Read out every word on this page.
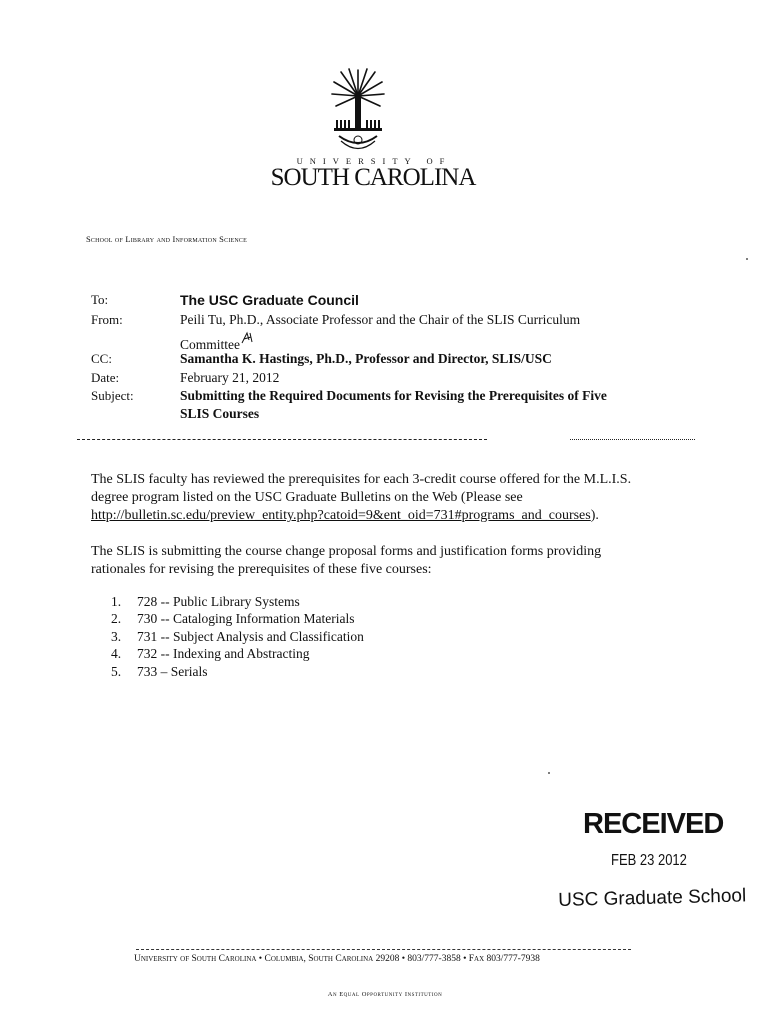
UNIVERSITY OF
SOUTH CAROLINA
School of Library and Information Science
To:	The USC Graduate Council
From:	Peili Tu, Ph.D., Associate Professor and the Chair of the SLIS Curriculum
Committee
CC:	Samantha K. Hastings, Ph.D., Professor and Director, SLIS/USC
Date:	February 21, 2012
Subject:	Submitting the Required Documents for Revising the Prerequisites of Five
SLIS Courses
The SLIS faculty has reviewed the prerequisites for each 3-credit course offered for the M.L.I.S.
degree program listed on the USC Graduate Bulletins on the Web (Please see
http://bulletin.sc.edu/preview_entity.php?catoid=9&ent_oid=731#programs_and_courses).
The SLIS is submitting the course change proposal forms and justification forms providing
rationales for revising the prerequisites of these five courses:
1. 728 -- Public Library Systems
2. 730 -- Cataloging Information Materials
3. 731 -- Subject Analysis and Classification
4. 732 -- Indexing and Abstracting
5. 733 – Serials
RECEIVED
FEB 23 2012
USC Graduate School
University of South Carolina • Columbia, South Carolina 29208 • 803/777-3858 • Fax 803/777-7938
An Equal Opportunity Institution
